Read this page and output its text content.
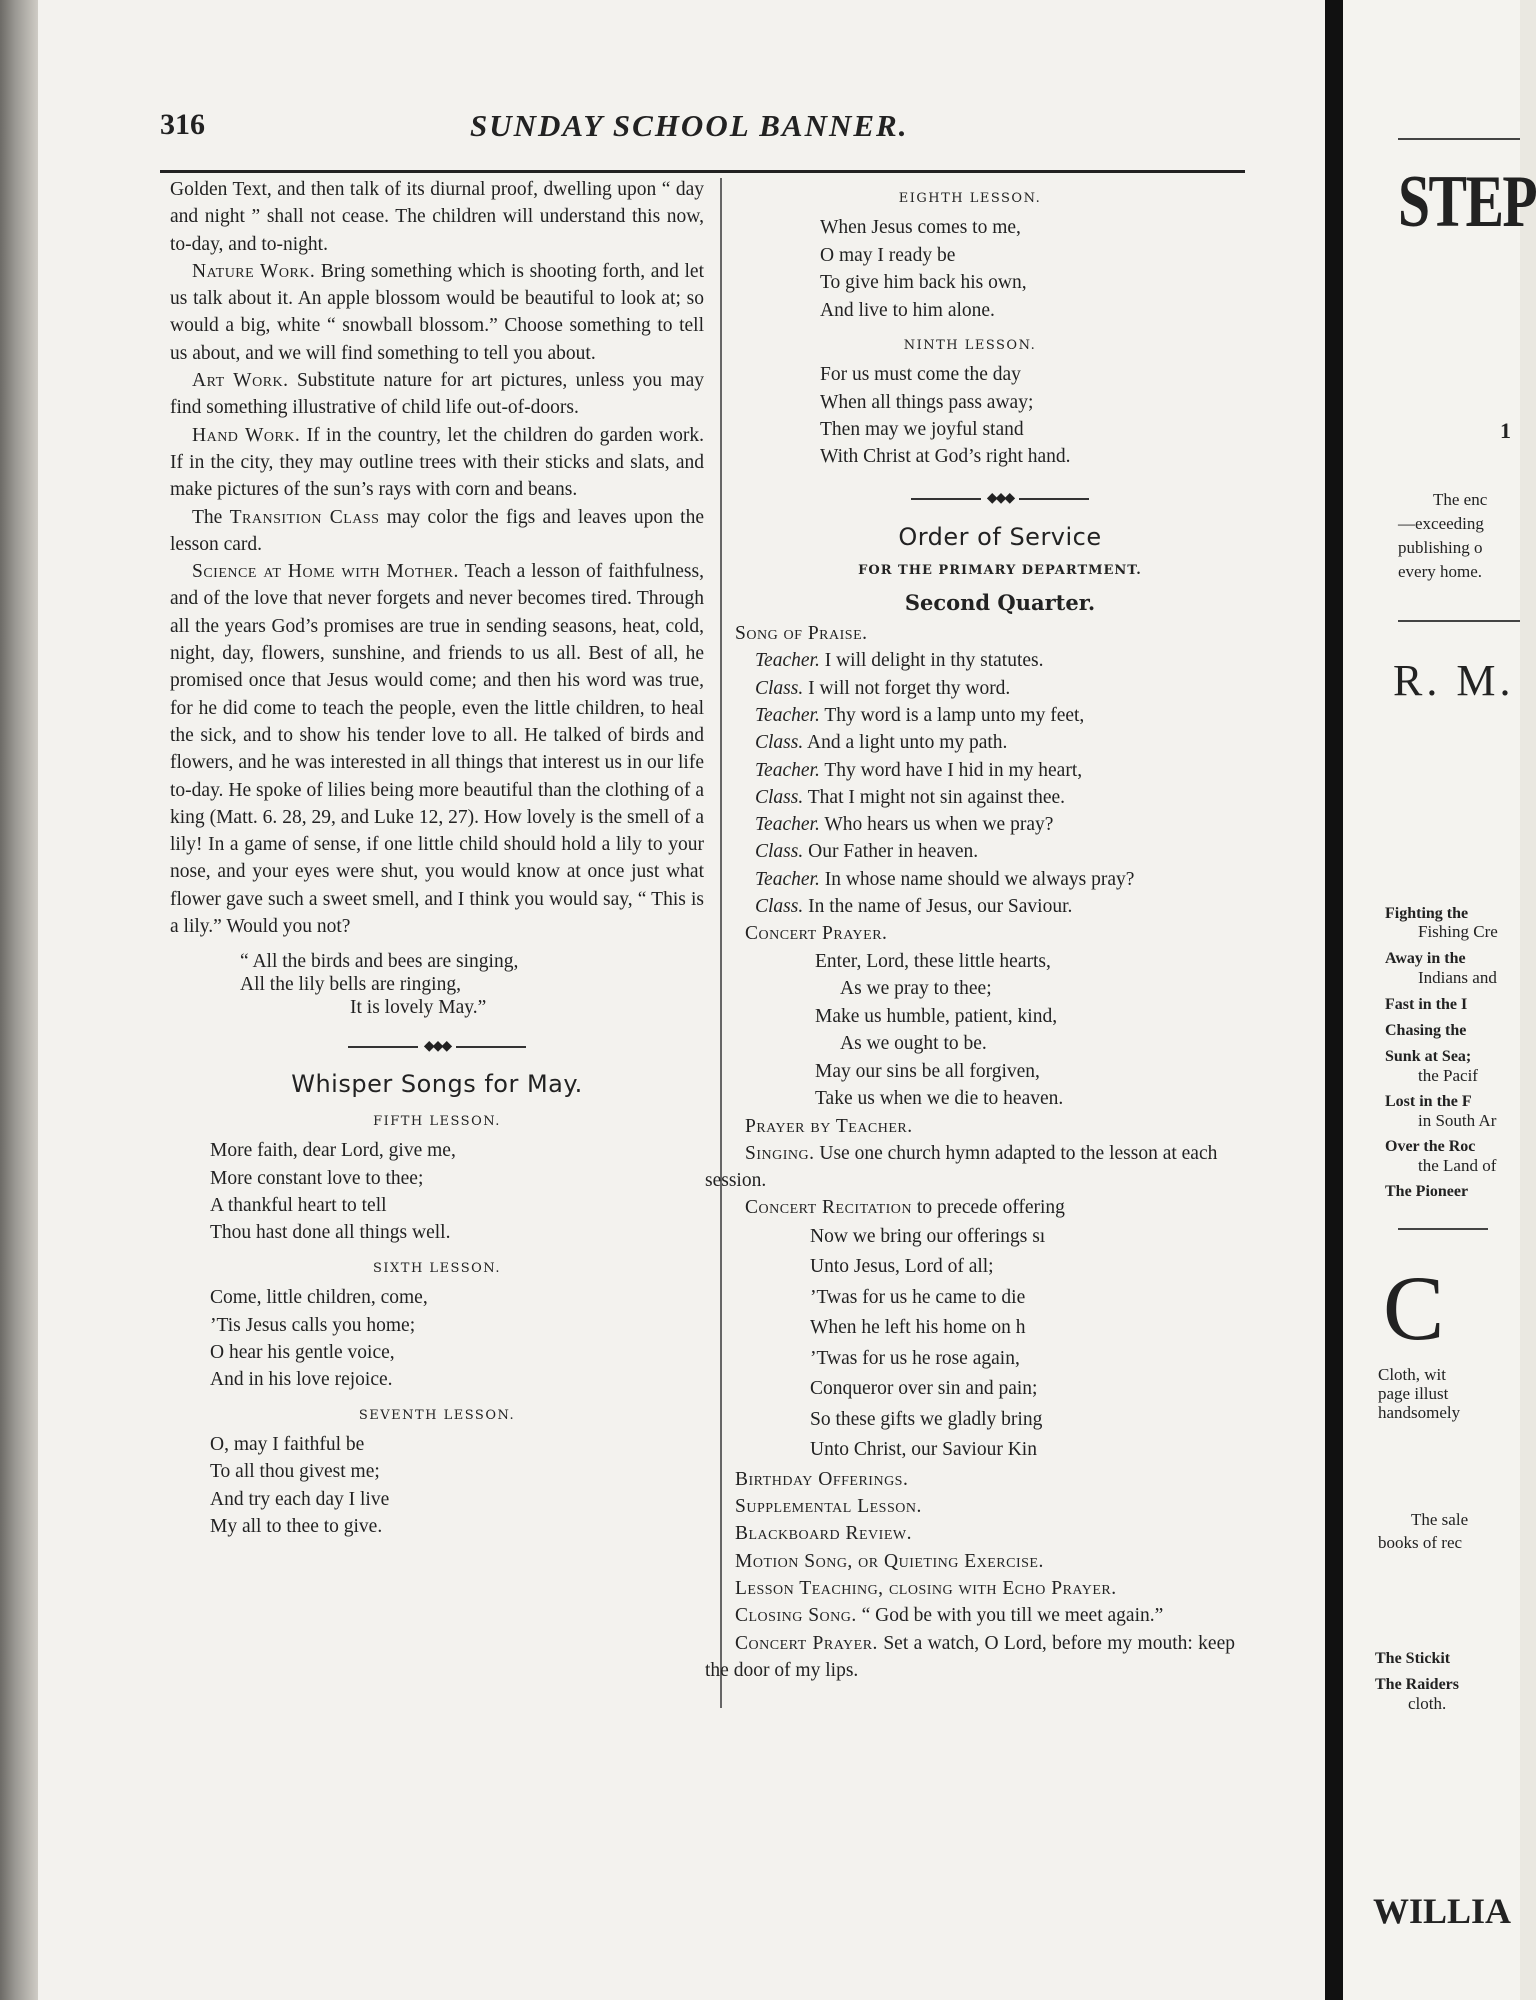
316	SUNDAY SCHOOL BANNER.

Golden Text, and then talk of its diurnal proof, dwelling upon “ day and night ” shall not cease. The children will understand this now, to-day, and to-night.

Nature Work. Bring something which is shooting forth, and let us talk about it. An apple blossom would be beautiful to look at; so would a big, white “ snowball blossom.” Choose something to tell us about, and we will find something to tell you about.

Art Work. Substitute nature for art pictures, unless you may find something illustrative of child life out-of-doors.

Hand Work. If in the country, let the children do garden work. If in the city, they may outline trees with their sticks and slats, and make pictures of the sun’s rays with corn and beans.

The Transition Class may color the figs and leaves upon the lesson card.

Science at Home with Mother. Teach a lesson of faithfulness, and of the love that never forgets and never becomes tired. Through all the years God’s promises are true in sending seasons, heat, cold, night, day, flowers, sunshine, and friends to us all. Best of all, he promised once that Jesus would come; and then his word was true, for he did come to teach the people, even the little children, to heal the sick, and to show his tender love to all. He talked of birds and flowers, and he was interested in all things that interest us in our life to-day. He spoke of lilies being more beautiful than the clothing of a king (Matt. 6. 28, 29, and Luke 12, 27). How lovely is the smell of a lily! In a game of sense, if one little child should hold a lily to your nose, and your eyes were shut, you would know at once just what flower gave such a sweet smell, and I think you would say, “ This is a lily.” Would you not?

“ All the birds and bees are singing,
All the lily bells are ringing,
It is lovely May.”
◆◆◆
Whisper Songs for May.
FIFTH LESSON.
More faith, dear Lord, give me,
More constant love to thee;
A thankful heart to tell
Thou hast done all things well.
SIXTH LESSON.
Come, little children, come,
’Tis Jesus calls you home;
O hear his gentle voice,
And in his love rejoice.
SEVENTH LESSON.
O, may I faithful be
To all thou givest me;
And try each day I live
My all to thee to give.
EIGHTH LESSON.
When Jesus comes to me,
O may I ready be
To give him back his own,
And live to him alone.
NINTH LESSON.
For us must come the day
When all things pass away;
Then may we joyful stand
With Christ at God’s right hand.
◆◆◆
Order of Service
FOR THE PRIMARY DEPARTMENT.
Second Quarter.
Song of Praise.
Teacher. I will delight in thy statutes.
Class. I will not forget thy word.
Teacher. Thy word is a lamp unto my feet,
Class. And a light unto my path.
Teacher. Thy word have I hid in my heart,
Class. That I might not sin against thee.
Teacher. Who hears us when we pray?
Class. Our Father in heaven.
Teacher. In whose name should we always pray?
Class. In the name of Jesus, our Saviour.
Concert Prayer.
Enter, Lord, these little hearts,
As we pray to thee;
Make us humble, patient, kind,
As we ought to be.
May our sins be all forgiven,
Take us when we die to heaven.
Prayer by Teacher.
Singing. Use one church hymn adapted to the lesson at each session.
Concert Recitation to precede offering
Now we bring our offerings sı
Unto Jesus, Lord of all;
’Twas for us he came to die
When he left his home on h
’Twas for us he rose again,
Conqueror over sin and pain;
So these gifts we gladly bring
Unto Christ, our Saviour Kin
Birthday Offerings.
Supplemental Lesson.
Blackboard Review.
Motion Song, or Quieting Exercise.
Lesson Teaching, closing with Echo Prayer.
Closing Song. “ God be with you till we meet again.”
Concert Prayer. Set a watch, O Lord, before my mouth: keep the door of my lips.
STEP
1
The enc
—exceeding
publishing o
every home.
R. M.
Fighting the
Fishing Cre
Away in the
Indians and
Fast in the I
Chasing the
Sunk at Sea;
the Pacif
Lost in the F
in South Ar
Over the Roc
the Land of
The Pioneer
C
Cloth, wit
page illust
handsomely
The sale
books of rec
The Stickit
The Raiders
cloth.
WILLIA
